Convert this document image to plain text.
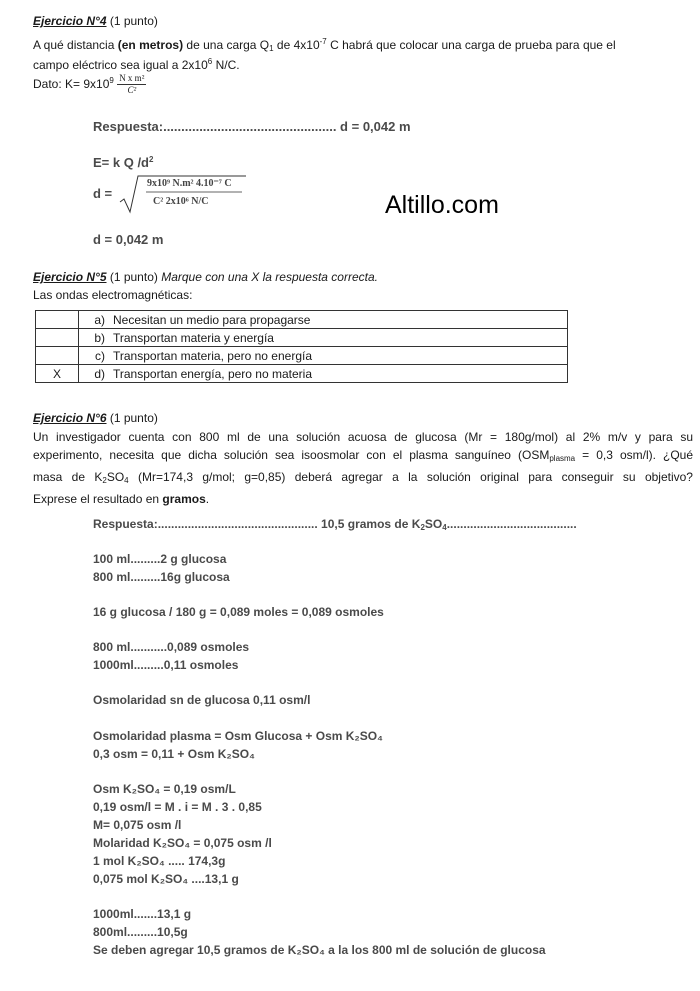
Altillo.com
Ejercicio N°4 (1 punto)
A qué distancia (en metros) de una carga $Q_1$ de $4x10^{-7}$ C habrá que colocar una carga de prueba para que el
campo eléctrico sea igual a $2x10^6$ N/C.
Dato: $K= 9x10^9 \frac{\text{N x m²}}{\text{C²}}$
Respuesta:................................................ d = 0,042 m
E= k Q $/d^2$
d =
9x10⁹ N.m² 4.10⁻⁷ C
C² 2x10⁶ N/C
d = 0,042 m
Ejercicio N°5 (1 punto) Marque con una X la respuesta correcta.
Las ondas electromagnéticas:
	a)	Necesitan un medio para propagarse
	b)	Transportan materia y energía
	c)	Transportan materia, pero no energía
X	d)	Transportan energía, pero no materia
Ejercicio N°6 (1 punto)
Un investigador cuenta con 800 ml de una solución acuosa de glucosa (Mr = 180g/mol) al 2% m/v y para su
experimento, necesita que dicha solución sea isoosmolar con el plasma sanguíneo ($OSM_{plasma} = 0,3$ osm/l). ¿Qué
masa de $K_2SO_4$ (Mr=174,3 g/mol; g=0,85) deberá agregar a la solución original para conseguir su objetivo?
Exprese el resultado en gramos.
Respuesta:................................................ 10,5 gramos de $K_2SO_4$.......................................
100 ml.........2 g glucosa
800 ml.........16g glucosa
16 g glucosa / 180 g = 0,089 moles = 0,089 osmoles
800 ml...........0,089 osmoles
1000ml.........0,11 osmoles
Osmolaridad sn de glucosa 0,11 osm/l
Osmolaridad plasma = Osm Glucosa + Osm K₂SO₄
0,3 osm = 0,11 + Osm K₂SO₄
Osm K₂SO₄ = 0,19 osm/L
0,19 osm/l = M . i = M . 3 . 0,85
M= 0,075 osm /l
Molaridad K₂SO₄ = 0,075 osm /l
1 mol K₂SO₄ ..... 174,3g
0,075 mol K₂SO₄ ....13,1 g
1000ml.......13,1 g
800ml.........10,5g
Se deben agregar 10,5 gramos de K₂SO₄ a la los 800 ml de solución de glucosa
